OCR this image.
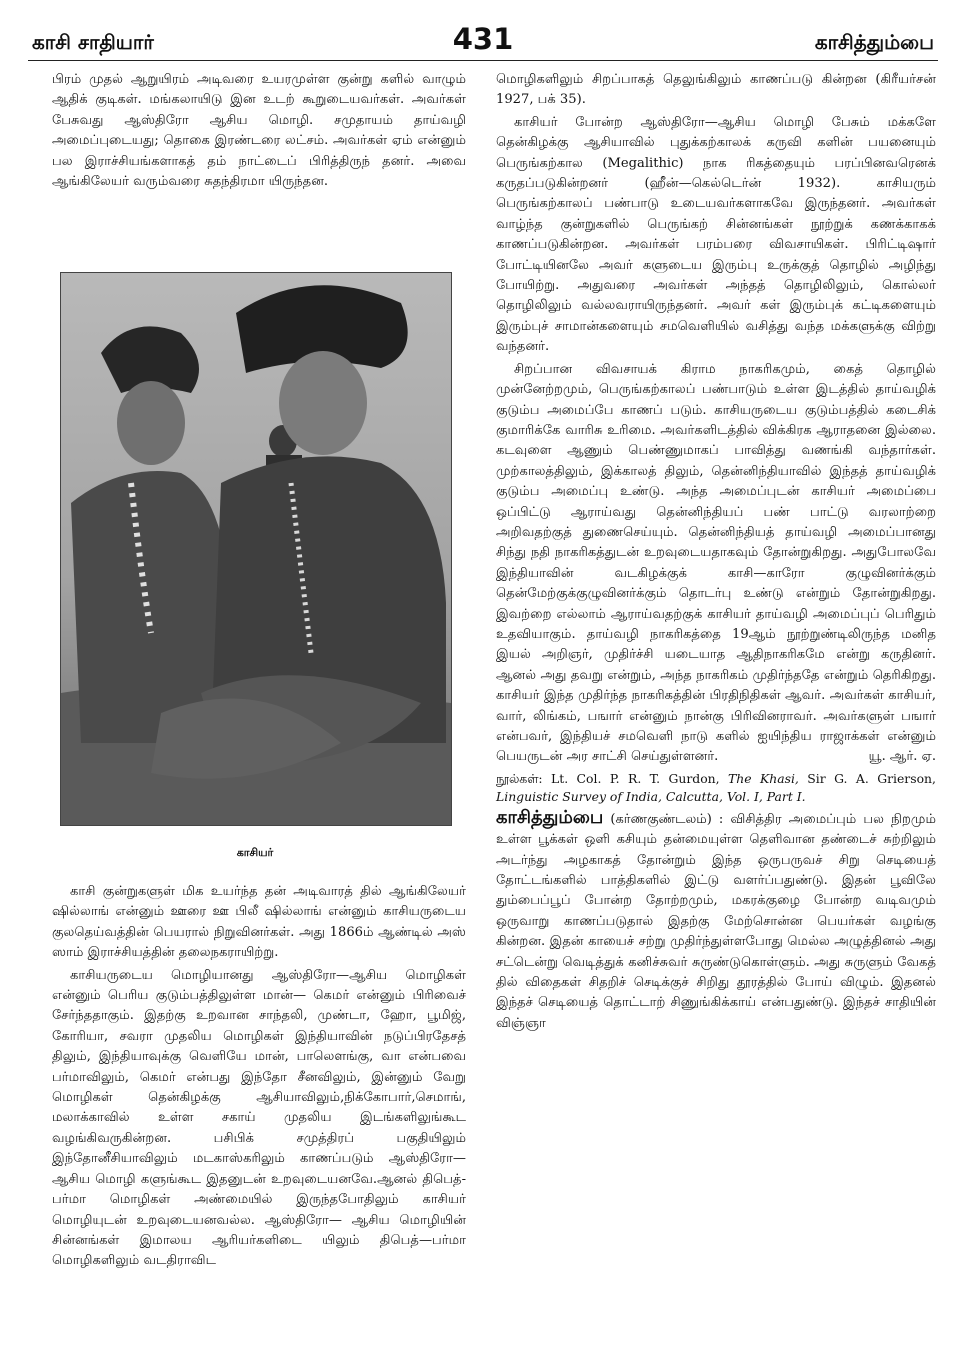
காசி சாதியார்	431	காசித்தும்பை

பிரம் முதல் ஆறுயிரம் அடிவரை உயரமுள்ள குன்று களில் வாழும் ஆதிக் குடிகள். மங்கலாயிடு இன உடற் கூறுடையவர்கள். அவர்கள் பேசுவது ஆஸ்திரோ ஆசிய மொழி. சமுதாயம் தாய்வழி அமைப்புடையது; தொகை இரண்டரை லட்சம். அவர்கள் ஏம் என்னும் பல இராச்சியங்களாகத் தம் நாட்டைப் பிரித்திருந் தனர். அவை ஆங்கிலேயர் வரும்வரை சுதந்திரமா யிருந்தன.

காசி குன்றுகளுள் மிக உயர்ந்த தன் அடிவாரத் தில் ஆங்கிலேயர் ஷில்லாங் என்னும் ஊரை ஊ பிலீ ஷில்லாங் என்னும் காசியருடைய குலதெய்வத்தின் பெயரால் நிறுவினர்கள். அது 1866ம் ஆண்டில் அஸ் ஸாம் இராச்சியத்தின் தலைநகராயிற்று.

காசியருடைய மொழியானது ஆஸ்திரோ—ஆசிய மொழிகள் என்னும் பெரிய குடும்பத்திலுள்ள மான்— கெமர் என்னும் பிரிவைச் சேர்ந்ததாகும். இதற்கு உறவான சாந்தலி, முண்டா, ஹோ, பூமிஜ், கோரியா, சவரா முதலிய மொழிகள் இந்தியாவின் நடுப்பிரதேசத் திலும், இந்தியாவுக்கு வெளியே மான், பாலௌங்கு, வா என்பவை பர்மாவிலும், கெமர் என்பது இந்தோ சீனவிலும், இன்னும் வேறு மொழிகள் தென்கிழக்கு ஆசியாவிலும்,நிக்கோபார்,செமாங், மலாக்காவில் உள்ள சகாய் முதலிய இடங்களிலுங்கூட வழங்கிவருகின்றன. பசிபிக் சமுத்திரப் பகுதியிலும் இந்தோனீசியாவிலும் மடகாஸ்கரிலும் காணப்படும் ஆஸ்திரோ—ஆசிய மொழி களுங்கூட இதனுடன் உறவுடையனவே.ஆனல் திபெத்- பர்மா மொழிகள் அண்மையில் இருந்தபோதிலும் காசியர் மொழியுடன் உறவுடையனவல்ல. ஆஸ்திரோ— ஆசிய மொழியின் சின்னங்கள் இமாலய ஆரியர்களிடை யிலும் திபெத்—பர்மா மொழிகளிலும் வடதிராவிட

காசியர்

மொழிகளிலும் சிறப்பாகத் தெலுங்கிலும் காணப்படு கின்றன (கிரீயர்சன் 1927, பக் 35).

காசியர் போன்ற ஆஸ்திரோ—ஆசிய மொழி பேசும் மக்களே தென்கிழக்கு ஆசியாவில் புதுக்கற்காலக் கருவி களின் பயனையும் பெருங்கற்கால (Megalithic) நாக ரிகத்தையும் பரப்பினவரெனக் கருதப்படுகின்றனர் (ஹீன்—கெல்டெர்ன் 1932). காசியரும் பெருங்கற்காலப் பண்பாடு உடையவர்களாகவே இருந்தனர். அவர்கள் வாழ்ந்த குன்றுகளில் பெருங்கற் சின்னங்கள் நூற்றுக் கணக்காகக் காணப்படுகின்றன. அவர்கள் பரம்பரை விவசாயிகள். பிரிட்டிஷார் போட்டியினலே அவர் களுடைய இரும்பு உருக்குத் தொழில் அழிந்து போயிற்று. அதுவரை அவர்கள் அந்தத் தொழிலிலும், கொல்லர் தொழிலிலும் வல்லவராயிருந்தனர். அவர் கள் இரும்புக் கட்டிகளையும் இரும்புச் சாமான்களையும் சமவெளியில் வசித்து வந்த மக்களுக்கு விற்று வந்தனர்.

சிறப்பான விவசாயக் கிராம நாகரிகமும், கைத் தொழில் முன்னேற்றமும், பெருங்கற்காலப் பண்பாடும் உள்ள இடத்தில் தாய்வழிக் குடும்ப அமைப்பே காணப் படும். காசியருடைய குடும்பத்தில் கடைசிக் குமாரிக்கே வாரிசு உரிமை. அவர்களிடத்தில் விக்கிரக ஆராதனை இல்லை. கடவுளை ஆணும் பெண்ணுமாகப் பாவித்து வணங்கி வந்தார்கள். முற்காலத்திலும், இக்காலத் திலும், தென்னிந்தியாவில் இந்தத் தாய்வழிக் குடும்ப அமைப்பு உண்டு. அந்த அமைப்புடன் காசியர் அமைப்பை ஒப்பிட்டு ஆராய்வது தென்னிந்தியப் பண் பாட்டு வரலாற்றை அறிவதற்குத் துணைசெய்யும். தென்னிந்தியத் தாய்வழி அமைப்பானது சிந்து நதி நாகரிகத்துடன் உறவுடையதாகவும் தோன்றுகிறது. அதுபோலவே இந்தியாவின் வடகிழக்குக் காசி—காரோ குழுவினர்க்கும் தென்மேற்குக்குழுவினர்க்கும் தொடர்பு உண்டு என்றும் தோன்றுகிறது. இவற்றை எல்லாம் ஆராய்வதற்குக் காசியர் தாய்வழி அமைப்புப் பெரிதும் உதவியாகும். தாய்வழி நாகரிகத்தை 19ஆம் நூற்றுண்டிலிருந்த மனித இயல் அறிஞர், முதிர்ச்சி யடையாத ஆதிநாகரிகமே என்று கருதினர். ஆனல் அது தவறு என்றும், அந்த நாகரிகம் முதிர்ந்ததே என்றும் தெரிகிறது. காசியர் இந்த முதிர்ந்த நாகரிகத்தின் பிரதிநிதிகள் ஆவர். அவர்கள் காசியர், வார், லிங்கம், பஙார் என்னும் நான்கு பிரிவினராவர். அவர்களுள் பஙார் என்பவர், இந்தியச் சமவெளி நாடு களில் ஐயிந்திய ராஜாக்கள் என்னும் பெயருடன் அர சாட்சி செய்துள்ளனர்.	யூ. ஆர். ஏ.

நூல்கள்: Lt. Col. P. R. T. Gurdon, The Khasi, Sir G. A. Grierson, Linguistic Survey of India, Calcutta, Vol. I, Part I.

காசித்தும்பை (கர்ணகுண்டலம்) : விசித்திர அமைப்பும் பல நிறமும் உள்ள பூக்கள் ஒளி கசியும் தன்மையுள்ள தெளிவான தண்டைச் சுற்றிலும் அடர்ந்து அழகாகத் தோன்றும் இந்த ஒருபருவச் சிறு செடியைத் தோட்டங்களில் பாத்திகளில் இட்டு வளர்ப்பதுண்டு. இதன் பூவிலே தும்பைப்பூப் போன்ற தோற்றமும், மகரக்குழை போன்ற வடிவமும் ஒருவாறு காணப்படுதால் இதற்கு மேற்சொன்ன பெயர்கள் வழங்கு கின்றன. இதன் காயைச் சற்று முதிர்ந்துள்ளபோது மெல்ல அழுத்தினல் அது சட்டென்று வெடித்துக் கனிச்சுவர் சுருண்டுகொள்ளும். அது சுருளும் வேகத் தில் விதைகள் சிதறிச் செடிக்குச் சிறிது தூரத்தில் போய் விழும். இதனல் இந்தச் செடியைத் தொட்டாற் சிணுங்கிக்காய் என்பதுண்டு. இந்தச் சாதியின் விஞ்ஞா
